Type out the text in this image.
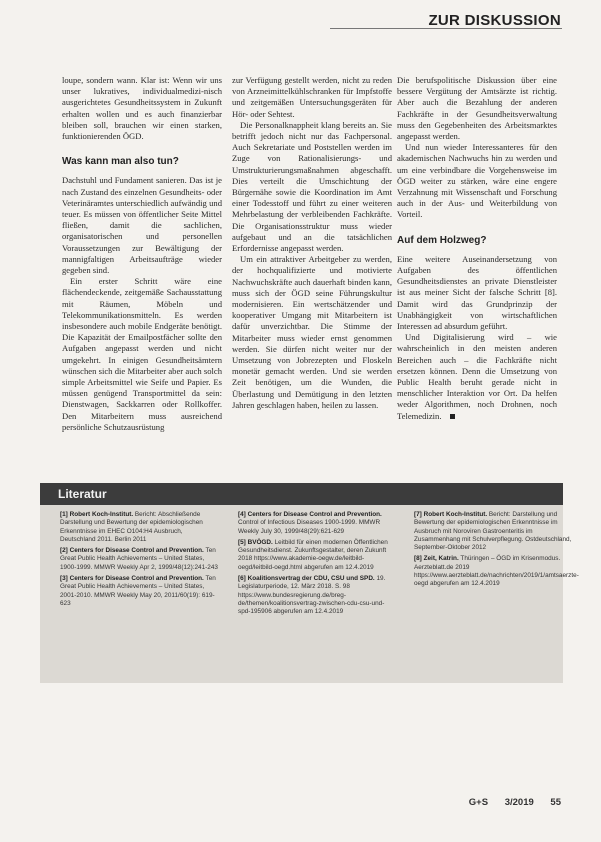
ZUR DISKUSSION

loupe, sondern wann. Klar ist: Wenn wir uns unser lukratives, individualmedizi-nisch ausgerichtetes Gesundheitssystem in Zukunft erhalten wollen und es auch finanzierbar bleiben soll, brauchen wir einen starken, funktionierenden ÖGD.

Was kann man also tun?

Dachstuhl und Fundament sanieren. Das ist je nach Zustand des einzelnen Gesundheits- oder Veterinäramtes unterschiedlich aufwändig und teuer. Es müssen von öffentlicher Seite Mittel fließen, damit die sachlichen, organisatorischen und personellen Voraussetzungen zur Bewältigung der mannigfaltigen Arbeitsaufträge wieder gegeben sind.

Ein erster Schritt wäre eine flächendeckende, zeitgemäße Sachausstattung mit Räumen, Möbeln und Telekommunikationsmitteln. Es werden insbesondere auch mobile Endgeräte benötigt. Die Kapazität der Emailpostfächer sollte den Aufgaben angepasst werden und nicht umgekehrt. In einigen Gesundheitsämtern wünschen sich die Mitarbeiter aber auch solch simple Arbeitsmittel wie Seife und Papier. Es müssen genügend Transportmittel da sein: Dienstwagen, Sackkarren oder Rollkoffer. Den Mitarbeitern muss ausreichend persönliche Schutzausrüstung

zur Verfügung gestellt werden, nicht zu reden von Arzneimittelkühlschranken für Impfstoffe und zeitgemäßen Untersuchungsgeräten für Hör- oder Sehtest.

Die Personalknappheit klang bereits an. Sie betrifft jedoch nicht nur das Fachpersonal. Auch Sekretariate und Poststellen werden im Zuge von Rationalisierungs- und Umstrukturierungsmaßnahmen abgeschafft. Dies verteilt die Umschichtung der Bürgernähe sowie die Koordination im Amt einer Todesstoff und führt zu einer weiteren Mehrbelastung der verbleibenden Fachkräfte. Die Organisationsstruktur muss wieder aufgebaut und an die tatsächlichen Erfordernisse angepasst werden.

Um ein attraktiver Arbeitgeber zu werden, der hochqualifizierte und motivierte Nachwuchskräfte auch dauerhaft binden kann, muss sich der ÖGD seine Führungskultur modernisieren. Ein wertschätzender und kooperativer Umgang mit Mitarbeitern ist dafür unverzichtbar. Die Stimme der Mitarbeiter muss wieder ernst genommen werden. Sie dürfen nicht weiter nur der Umsetzung von Jobrezepten und Floskeln monetär gemacht werden. Und sie werden Zeit benötigen, um die Wunden, die Überlastung und Demütigung in den letzten Jahren geschlagen haben, heilen zu lassen.

Die berufspolitische Diskussion über eine bessere Vergütung der Amtsärzte ist richtig. Aber auch die Bezahlung der anderen Fachkräfte in der Gesundheitsverwaltung muss den Gegebenheiten des Arbeitsmarktes angepasst werden.

Und nun wieder Interessanteres für den akademischen Nachwuchs hin zu werden und um eine verbindbare die Vorgehensweise im ÖGD weiter zu stärken, wäre eine engere Verzahnung mit Wissenschaft und Forschung auch in der Aus- und Weiterbildung von Vorteil.

Auf dem Holzweg?

Eine weitere Auseinandersetzung von Aufgaben des öffentlichen Gesundheitsdienstes an private Dienstleister ist aus meiner Sicht der falsche Schritt [8]. Damit wird das Grundprinzip der Unabhängigkeit von wirtschaftlichen Interessen ad absurdum geführt.

Und Digitalisierung wird – wie wahrscheinlich in den meisten anderen Bereichen auch – die Fachkräfte nicht ersetzen können. Denn die Umsetzung von Public Health beruht gerade nicht in menschlicher Interaktion vor Ort. Da helfen weder Algorithmen, noch Drohnen, noch Telemedizin.

Literatur
[1] Robert Koch-Institut. Bericht: Abschließende Darstellung und Bewertung der epidemiologischen Erkenntnisse im EHEC O104:H4 Ausbruch, Deutschland 2011. Berlin 2011
[2] Centers for Disease Control and Prevention. Ten Great Public Health Achievements – United States, 1900-1999. MMWR Weekly Apr 2, 1999/48(12):241-243
[3] Centers for Disease Control and Prevention. Ten Great Public Health Achievements – United States, 2001-2010. MMWR Weekly May 20, 2011/60(19): 619-623
[4] Centers for Disease Control and Prevention. Control of Infectious Diseases 1900-1999. MMWR Weekly July 30, 1999/48(29):621-629
[5] BVÖGD. Leitbild für einen modernen Öffentlichen Gesundheitsdienst. Zukunftsgestalter, deren Zukunft 2018 https://www.akademie-oegw.de/leitbild-oegd/leitbild-oegd.html abgerufen am 12.4.2019
[6] Koalitionsvertrag der CDU, CSU und SPD. 19. Legislaturperiode, 12. März 2018. S. 98 https://www.bundesregierung.de/breg-de/themen/koalitionsvertrag-zwischen-cdu-csu-und-spd-195906 abgerufen am 12.4.2019
[7] Robert Koch-Institut. Bericht: Darstellung und Bewertung der epidemiologischen Erkenntnisse im Ausbruch mit Noroviren Gastroenteritis im Zusammenhang mit Schulverpflegung. Ostdeutschland, September-Oktober 2012
[8] Zeit, Katrin. Thüringen – ÖGD im Krisenmodus. Aerzteblatt.de 2019 https://www.aerzteblatt.de/nachrichten/2019/1/amtsaerzte-oegd abgerufen am 12.4.2019
G+S 3/2019 55
